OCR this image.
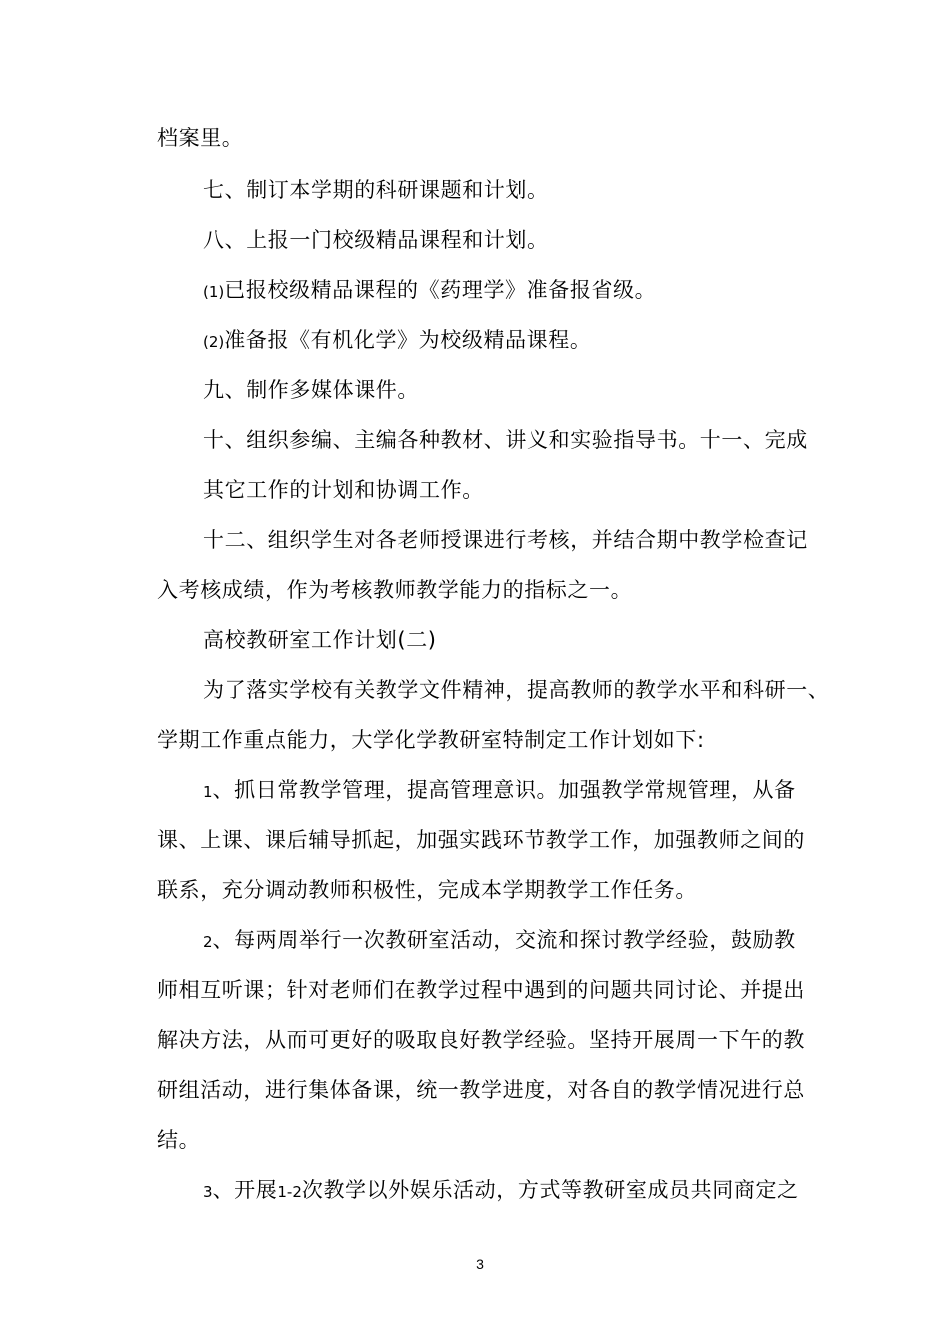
档案里。
七、制订本学期的科研课题和计划。
八、上报一门校级精品课程和计划。
(1)已报校级精品课程的《药理学》准备报省级。
(2)准备报《有机化学》为校级精品课程。
九、制作多媒体课件。
十、组织参编、主编各种教材、讲义和实验指导书。十一、完成
其它工作的计划和协调工作。
十二、组织学生对各老师授课进行考核，并结合期中教学检查记
入考核成绩，作为考核教师教学能力的指标之一。
高校教研室工作计划(二)
为了落实学校有关教学文件精神，提高教师的教学水平和科研一、
学期工作重点能力，大学化学教研室特制定工作计划如下:
1、抓日常教学管理，提高管理意识。加强教学常规管理，从备
课、上课、课后辅导抓起，加强实践环节教学工作，加强教师之间的
联系，充分调动教师积极性，完成本学期教学工作任务。
2、每两周举行一次教研室活动，交流和探讨教学经验，鼓励教
师相互听课；针对老师们在教学过程中遇到的问题共同讨论、并提出
解决方法，从而可更好的吸取良好教学经验。坚持开展周一下午的教
研组活动，进行集体备课，统一教学进度，对各自的教学情况进行总
结。
3、开展1-2次教学以外娱乐活动，方式等教研室成员共同商定之
3
